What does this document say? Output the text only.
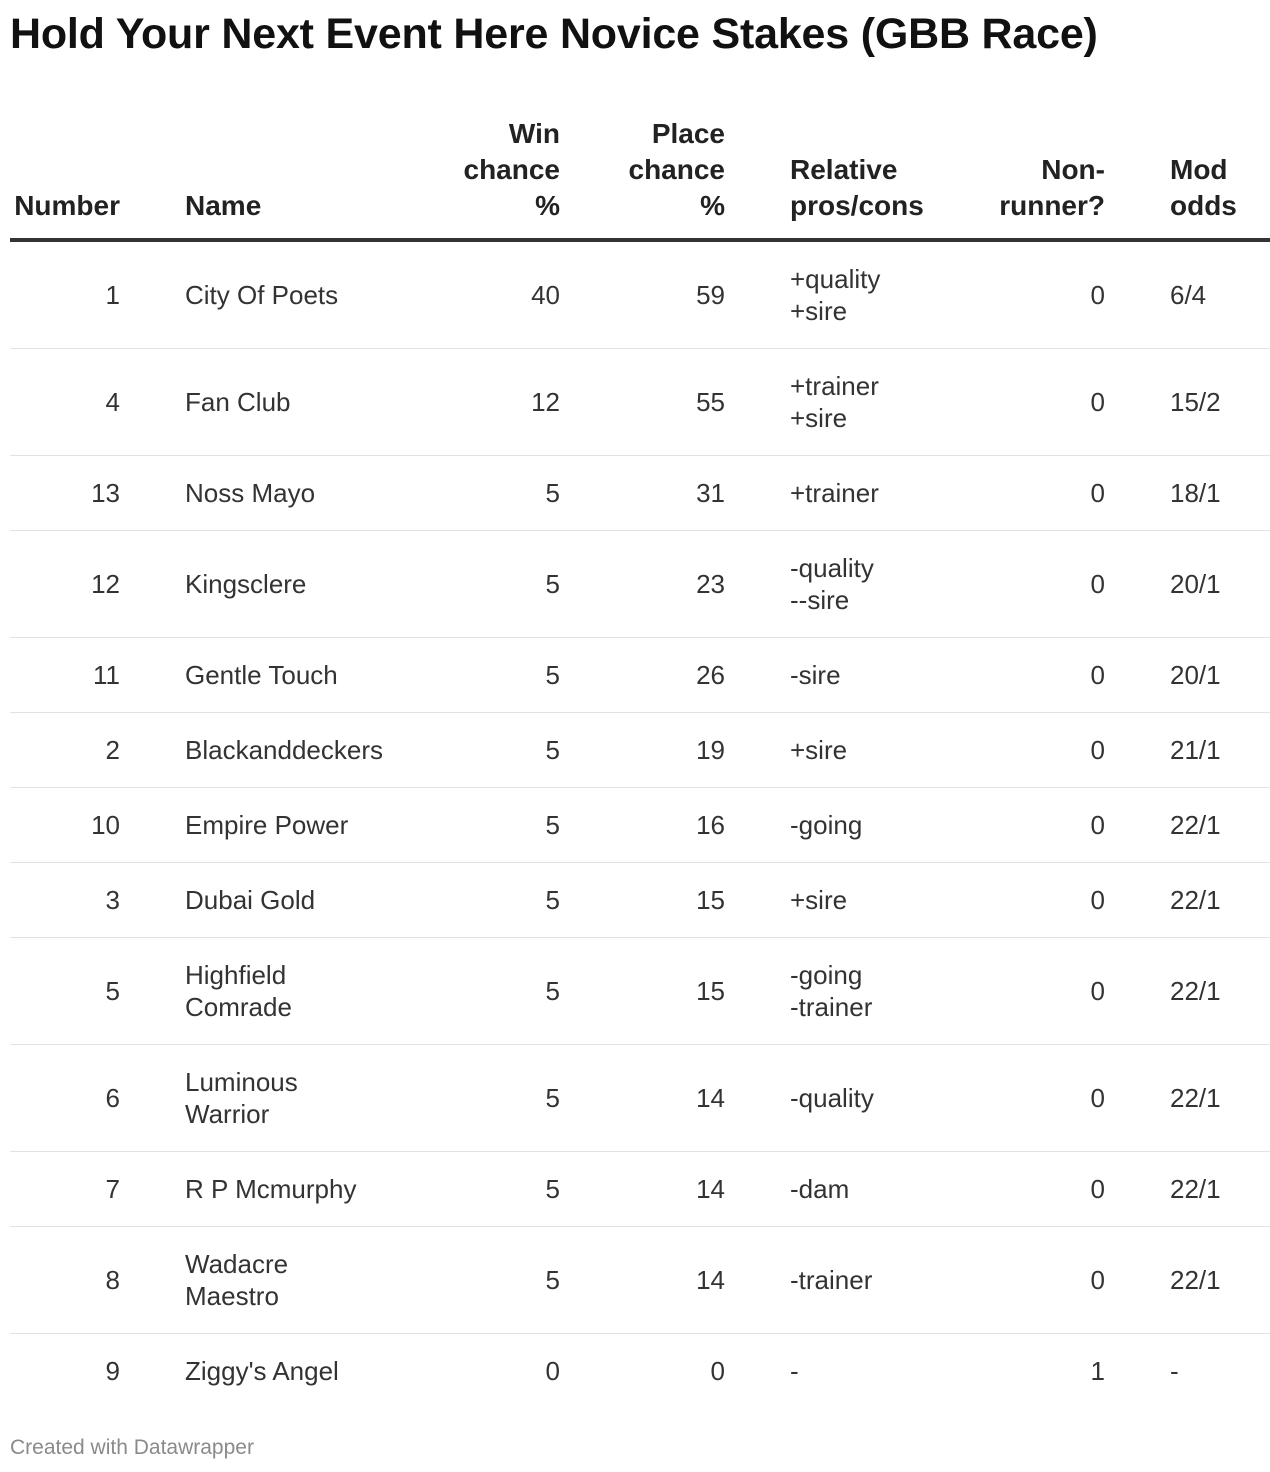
Hold Your Next Event Here Novice Stakes (GBB Race)
Number	Name	Win
chance
%	Place
chance
%	Relative
pros/cons	Non-
runner?	Mod
odds
1	City Of Poets	40	59	+quality
+sire	0	6/4
4	Fan Club	12	55	+trainer
+sire	0	15/2
13	Noss Mayo	5	31	+trainer	0	18/1
12	Kingsclere	5	23	-quality
--sire	0	20/1
11	Gentle Touch	5	26	-sire	0	20/1
2	Blackanddeckers	5	19	+sire	0	21/1
10	Empire Power	5	16	-going	0	22/1
3	Dubai Gold	5	15	+sire	0	22/1
5	Highfield
Comrade	5	15	-going
-trainer	0	22/1
6	Luminous
Warrior	5	14	-quality	0	22/1
7	R P Mcmurphy	5	14	-dam	0	22/1
8	Wadacre
Maestro	5	14	-trainer	0	22/1
9	Ziggy's Angel	0	0	-	1	-
Created with Datawrapper
